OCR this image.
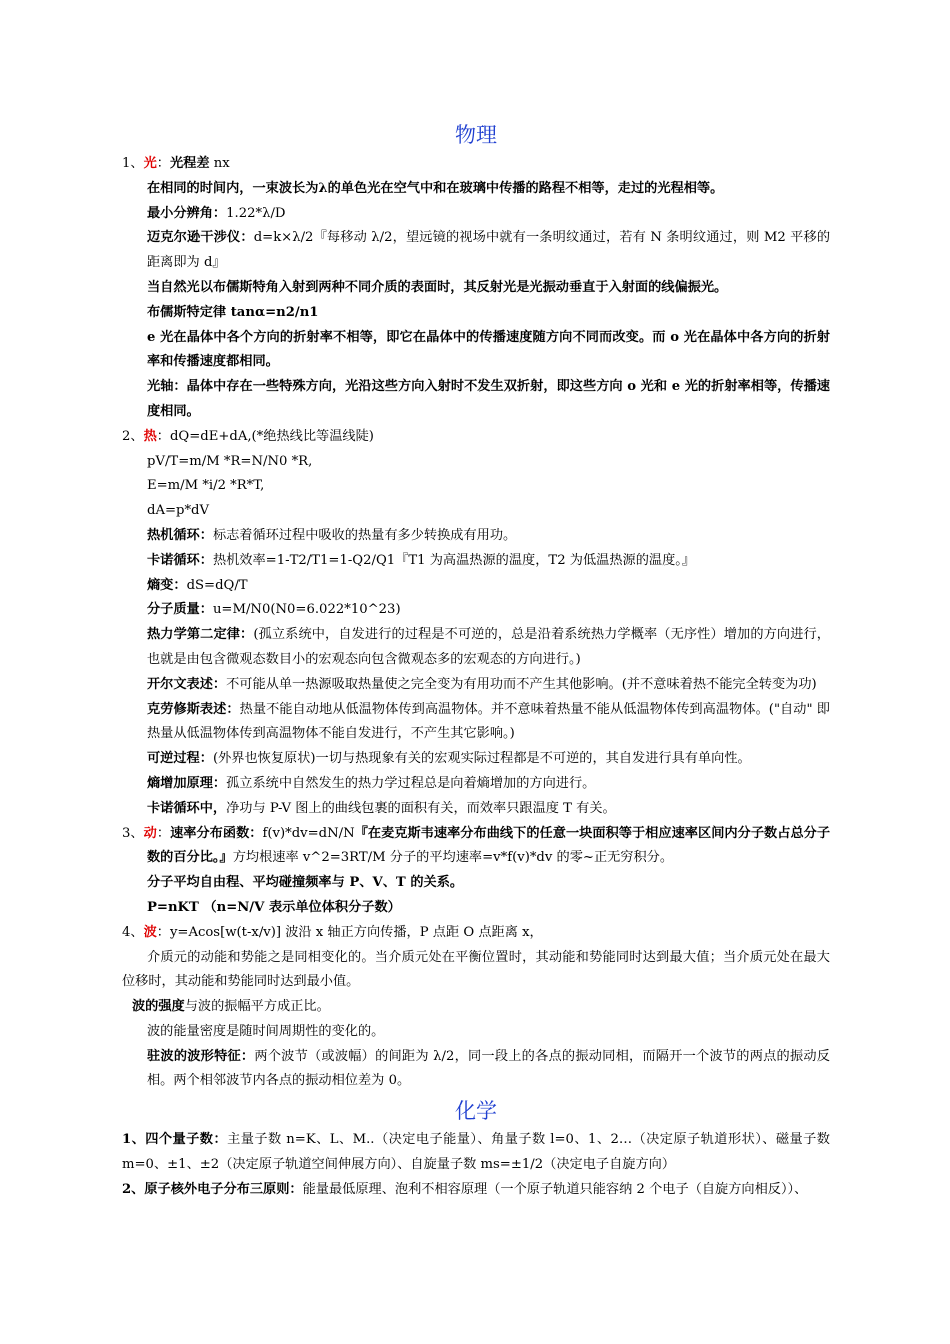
物理

1、光：光程差 nx

在相同的时间内，一束波长为λ的单色光在空气中和在玻璃中传播的路程不相等，走过的光程相等。

最小分辨角：1.22*λ/D

迈克尔逊干涉仪：d=k×λ/2『每移动 λ/2，望远镜的视场中就有一条明纹通过，若有 N 条明纹通过，则 M2 平移的距离即为 d』

当自然光以布儒斯特角入射到两种不同介质的表面时，其反射光是光振动垂直于入射面的线偏振光。

布儒斯特定律 tanα=n2/n1

e 光在晶体中各个方向的折射率不相等，即它在晶体中的传播速度随方向不同而改变。而 o 光在晶体中各方向的折射率和传播速度都相同。

光轴：晶体中存在一些特殊方向，光沿这些方向入射时不发生双折射，即这些方向 o 光和 e 光的折射率相等，传播速度相同。

2、热：dQ=dE+dA,(*绝热线比等温线陡)

pV/T=m/M *R=N/N0 *R,

E=m/M *i/2 *R*T,

dA=p*dV

热机循环：标志着循环过程中吸收的热量有多少转换成有用功。

卡诺循环：热机效率=1-T2/T1=1-Q2/Q1『T1 为高温热源的温度，T2 为低温热源的温度。』

熵变：dS=dQ/T

分子质量：u=M/N0(N0=6.022*10^23)

热力学第二定律：(孤立系统中，自发进行的过程是不可逆的，总是沿着系统热力学概率（无序性）增加的方向进行，也就是由包含微观态数目小的宏观态向包含微观态多的宏观态的方向进行。)

开尔文表述：不可能从单一热源吸取热量使之完全变为有用功而不产生其他影响。(并不意味着热不能完全转变为功)

克劳修斯表述：热量不能自动地从低温物体传到高温物体。并不意味着热量不能从低温物体传到高温物体。("自动" 即热量从低温物体传到高温物体不能自发进行，不产生其它影响。)

可逆过程：(外界也恢复原状)一切与热现象有关的宏观实际过程都是不可逆的，其自发进行具有单向性。

熵增加原理：孤立系统中自然发生的热力学过程总是向着熵增加的方向进行。

卡诺循环中，净功与 P-V 图上的曲线包裹的面积有关，而效率只跟温度 T 有关。

3、动：速率分布函数：f(v)*dv=dN/N『在麦克斯韦速率分布曲线下的任意一块面积等于相应速率区间内分子数占总分子数的百分比。』方均根速率 v^2=3RT/M 分子的平均速率=v*f(v)*dv 的零~正无穷积分。

分子平均自由程、平均碰撞频率与 P、V、T 的关系。

P=nKT （n=N/V 表示单位体积分子数）

4、波：y=Acos[w(t-x/v)] 波沿 x 轴正方向传播，P 点距 O 点距离 x，

介质元的动能和势能之是同相变化的。当介质元处在平衡位置时，其动能和势能同时达到最大值；当介质元处在最大位移时，其动能和势能同时达到最小值。

波的强度与波的振幅平方成正比。

波的能量密度是随时间周期性的变化的。

驻波的波形特征：两个波节（或波幅）的间距为 λ/2，同一段上的各点的振动同相，而隔开一个波节的两点的振动反相。两个相邻波节内各点的振动相位差为 0。

化学

1、四个量子数：主量子数 n=K、L、M..（决定电子能量）、角量子数 l=0、1、2…（决定原子轨道形状）、磁量子数 m=0、±1、±2（决定原子轨道空间伸展方向）、自旋量子数 ms=±1/2（决定电子自旋方向）

2、原子核外电子分布三原则：能量最低原理、泡利不相容原理（一个原子轨道只能容纳 2 个电子（自旋方向相反））、
